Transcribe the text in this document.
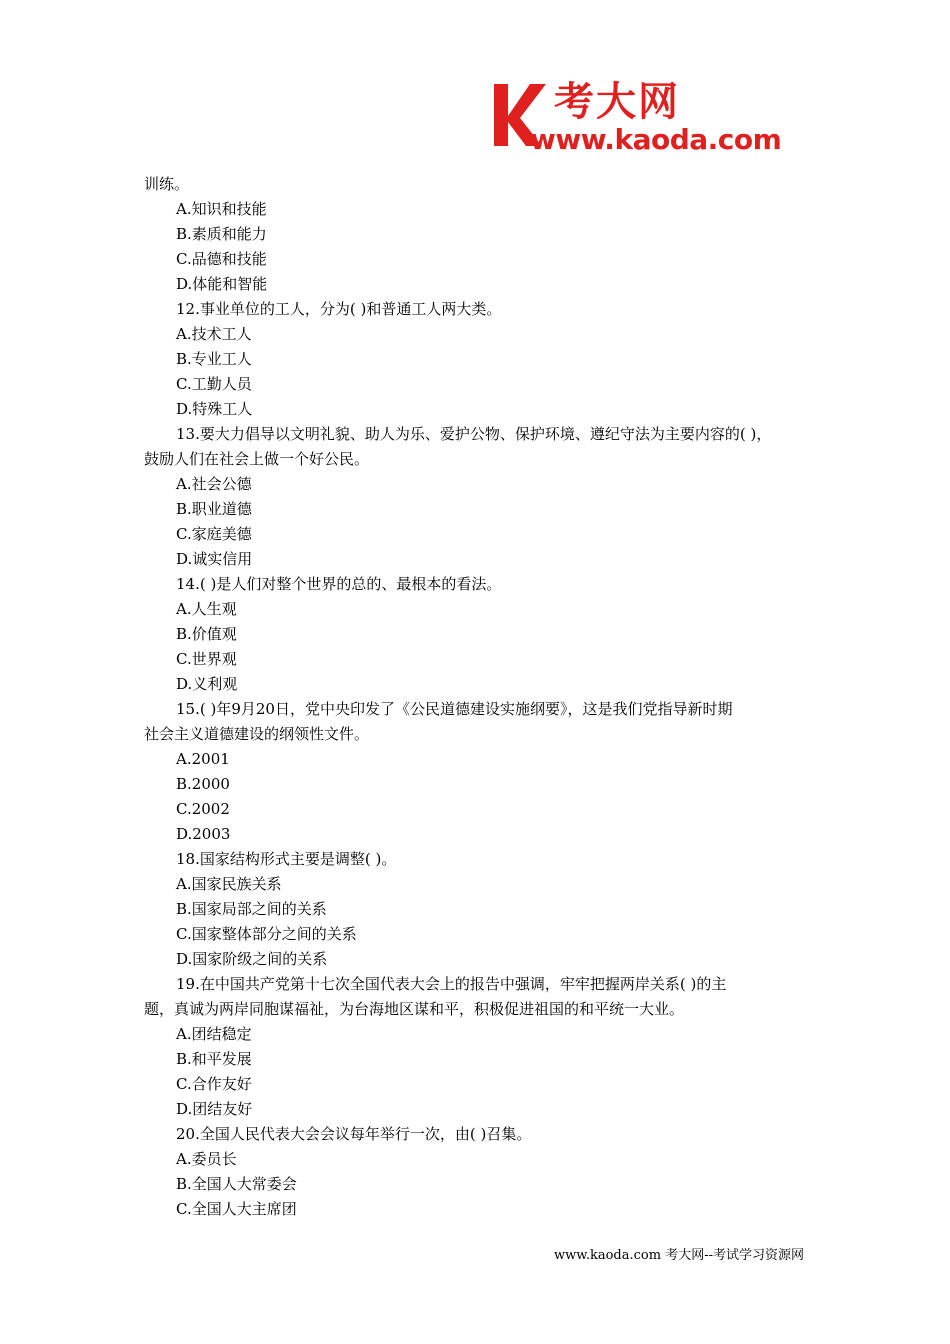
考大网
www.kaoda.com
训练。
A.知识和技能
B.素质和能力
C.品德和技能
D.体能和智能
12.事业单位的工人，分为( )和普通工人两大类。
A.技术工人
B.专业工人
C.工勤人员
D.特殊工人
13.要大力倡导以文明礼貌、助人为乐、爱护公物、保护环境、遵纪守法为主要内容的( )，
鼓励人们在社会上做一个好公民。
A.社会公德
B.职业道德
C.家庭美德
D.诚实信用
14.( )是人们对整个世界的总的、最根本的看法。
A.人生观
B.价值观
C.世界观
D.义利观
15.( )年9月20日，党中央印发了《公民道德建设实施纲要》，这是我们党指导新时期
社会主义道德建设的纲领性文件。
A.2001
B.2000
C.2002
D.2003
18.国家结构形式主要是调整( )。
A.国家民族关系
B.国家局部之间的关系
C.国家整体部分之间的关系
D.国家阶级之间的关系
19.在中国共产党第十七次全国代表大会上的报告中强调，牢牢把握两岸关系( )的主
题，真诚为两岸同胞谋福祉，为台海地区谋和平，积极促进祖国的和平统一大业。
A.团结稳定
B.和平发展
C.合作友好
D.团结友好
20.全国人民代表大会会议每年举行一次，由( )召集。
A.委员长
B.全国人大常委会
C.全国人大主席团
www.kaoda.com 考大网--考试学习资源网
